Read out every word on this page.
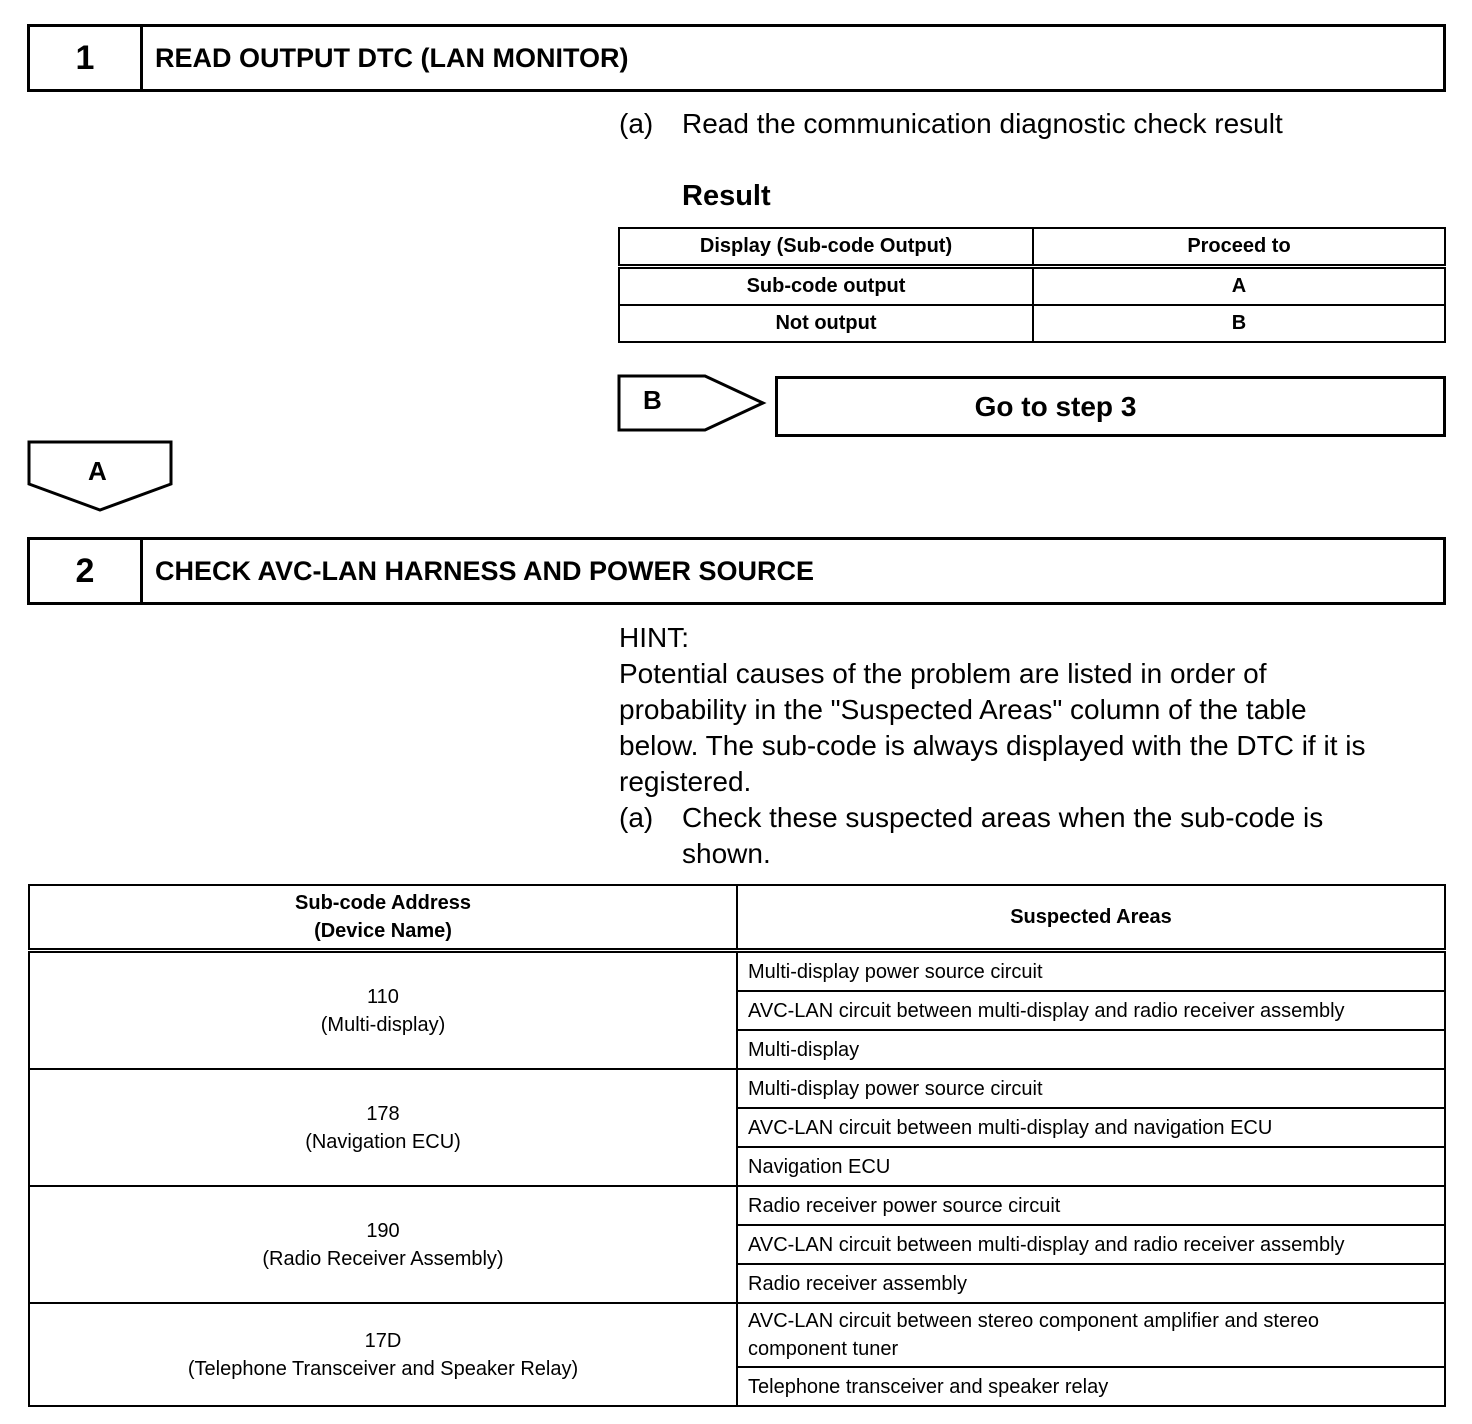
1	READ OUTPUT DTC (LAN MONITOR)
(a) Read the communication diagnostic check result
Result
Display (Sub-code Output)	Proceed to
Sub-code output	A
Not output	B
B	Go to step 3
A
2	CHECK AVC-LAN HARNESS AND POWER SOURCE
HINT:
Potential causes of the problem are listed in order of
probability in the "Suspected Areas" column of the table
below. The sub-code is always displayed with the DTC if it is
registered.
(a) Check these suspected areas when the sub-code is
shown.
Sub-code Address
(Device Name)	Suspected Areas

110
(Multi-display)	Multi-display power source circuit
	AVC-LAN circuit between multi-display and radio receiver assembly
	Multi-display

178
(Navigation ECU)	Multi-display power source circuit
	AVC-LAN circuit between multi-display and navigation ECU
	Navigation ECU

190
(Radio Receiver Assembly)	Radio receiver power source circuit
	AVC-LAN circuit between multi-display and radio receiver assembly
	Radio receiver assembly

17D
(Telephone Transceiver and Speaker Relay)	AVC-LAN circuit between stereo component amplifier and stereo component tuner
	Telephone transceiver and speaker relay
